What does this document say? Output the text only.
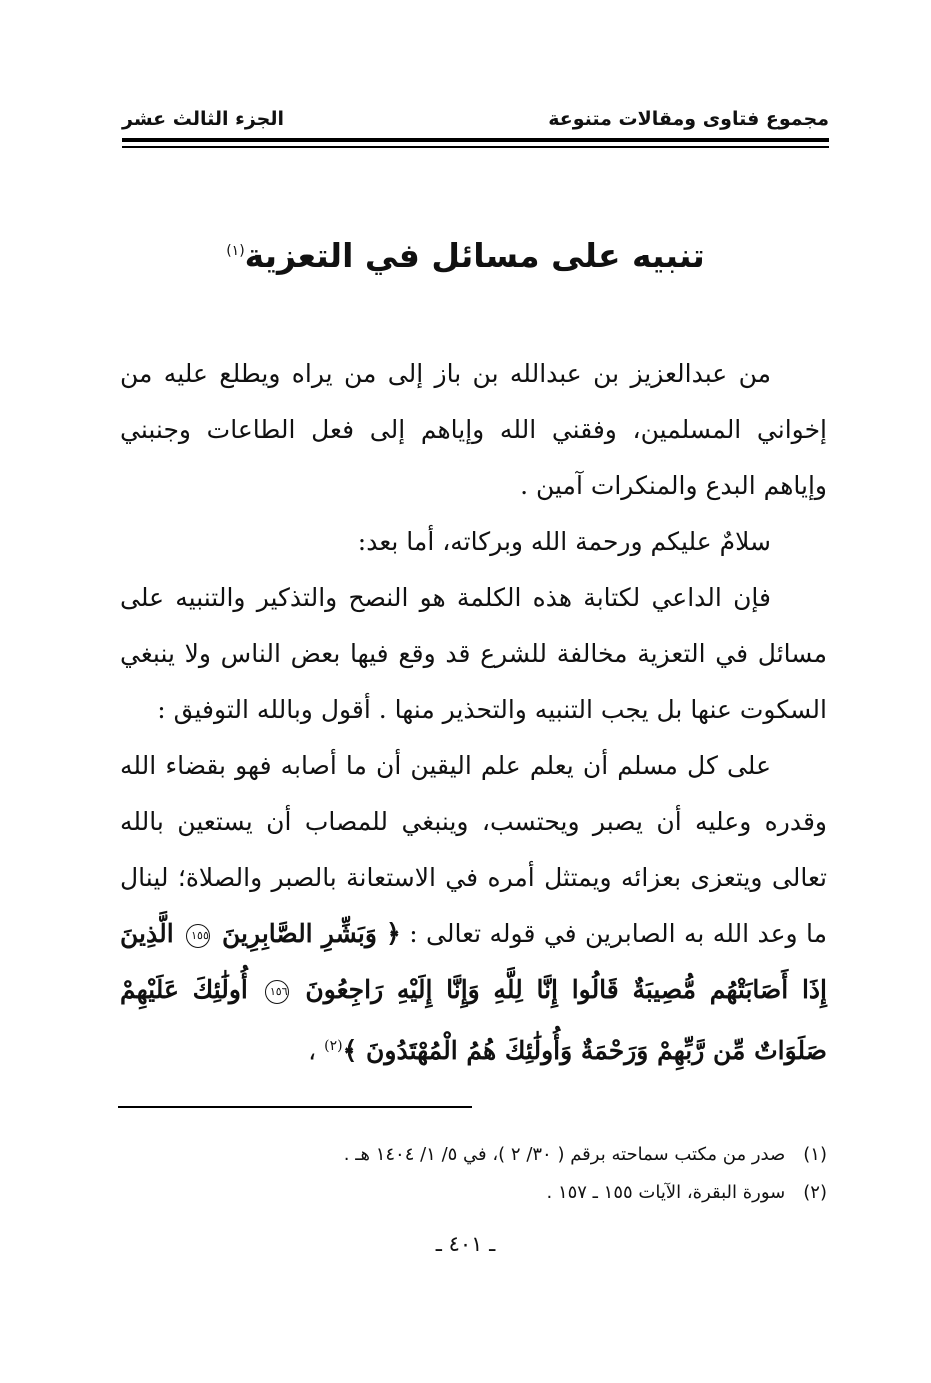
مجموع فتاوى ومقالات متنوعة
الجزء الثالث عشر
تنبيه على مسائل في التعزية$^{(١)}$

من عبدالعزيز بن عبدالله بن باز إلى من يراه ويطلع عليه من إخواني المسلمين، وفقني الله وإياهم إلى فعل الطاعات وجنبني وإياهم البدع والمنكرات آمين .

سلامٌ عليكم ورحمة الله وبركاته، أما بعد:

فإن الداعي لكتابة هذه الكلمة هو النصح والتذكير والتنبيه على مسائل في التعزية مخالفة للشرع قد وقع فيها بعض الناس ولا ينبغي السكوت عنها بل يجب التنبيه والتحذير منها . أقول وبالله التوفيق :

على كل مسلم أن يعلم علم اليقين أن ما أصابه فهو بقضاء الله وقدره وعليه أن يصبر ويحتسب، وينبغي للمصاب أن يستعين بالله تعالى ويتعزى بعزائه ويمتثل أمره في الاستعانة بالصبر والصلاة؛ لينال ما وعد الله به الصابرين في قوله تعالى : ﴿ وَبَشِّرِ الصَّابِرِينَ ١٥٥ الَّذِينَ إِذَا أَصَابَتْهُم مُّصِيبَةٌ قَالُوا إِنَّا لِلَّهِ وَإِنَّا إِلَيْهِ رَاجِعُونَ ١٥٦ أُولَٰئِكَ عَلَيْهِمْ صَلَوَاتٌ مِّن رَّبِّهِمْ وَرَحْمَةٌ وَأُولَٰئِكَ هُمُ الْمُهْتَدُونَ ﴾$^{(٢)}$ ،

(١) صدر من مكتب سماحته برقم ( ٣٠/ ٢ )، في ٥/ ١/ ١٤٠٤ هـ .
(٢) سورة البقرة، الآيات ١٥٥ ـ ١٥٧ .
ـ ٤٠١ ـ
